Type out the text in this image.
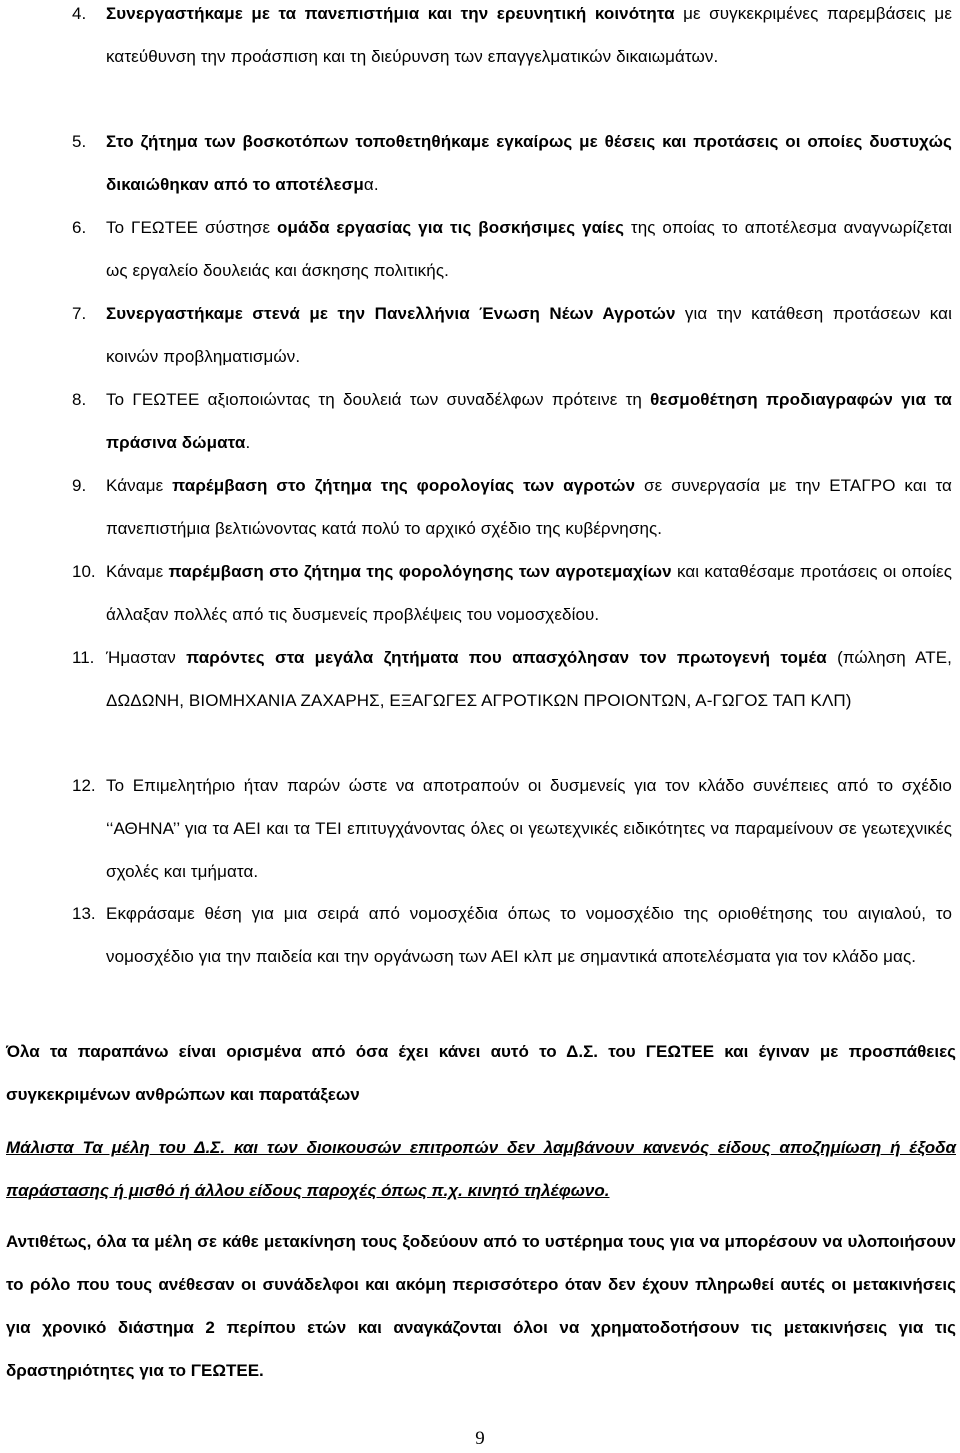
4.	Συνεργαστήκαμε με τα πανεπιστήμια και την ερευνητική κοινότητα με συγκεκριμένες παρεμβάσεις με κατεύθυνση την προάσπιση και τη διεύρυνση των επαγγελματικών δικαιωμάτων.
5.	Στο ζήτημα των βοσκοτόπων τοποθετηθήκαμε εγκαίρως με θέσεις και προτάσεις οι οποίες δυστυχώς δικαιώθηκαν από το αποτέλεσμα.
6.	Το ΓΕΩΤΕΕ σύστησε ομάδα εργασίας για τις βοσκήσιμες γαίες της οποίας το αποτέλεσμα αναγνωρίζεται ως εργαλείο δουλειάς και άσκησης πολιτικής.
7.	Συνεργαστήκαμε στενά με την Πανελλήνια Ένωση Νέων Αγροτών για την κατάθεση προτάσεων και κοινών προβληματισμών.
8.	Το ΓΕΩΤΕΕ αξιοποιώντας τη δουλειά των συναδέλφων πρότεινε τη θεσμοθέτηση προδιαγραφών για τα πράσινα δώματα.
9.	Κάναμε παρέμβαση στο ζήτημα της φορολογίας των αγροτών σε συνεργασία με την ΕΤΑΓΡΟ και τα πανεπιστήμια βελτιώνοντας κατά πολύ το αρχικό σχέδιο της κυβέρνησης.
10. Κάναμε παρέμβαση στο ζήτημα της φορολόγησης των αγροτεμαχίων και καταθέσαμε προτάσεις οι οποίες άλλαξαν πολλές από τις δυσμενείς προβλέψεις του νομοσχεδίου.
11. Ήμασταν παρόντες στα μεγάλα ζητήματα που απασχόλησαν τον πρωτογενή τομέα (πώληση ΑΤΕ, ΔΩΔΩΝΗ, ΒΙΟΜΗΧΑΝΙΑ ΖΑΧΑΡΗΣ, ΕΞΑΓΩΓΕΣ ΑΓΡΟΤΙΚΩΝ ΠΡΟΙΟΝΤΩΝ, Α-ΓΩΓΟΣ ΤΑΠ ΚΛΠ)
12. Το Επιμελητήριο ήταν παρών ώστε να αποτραπούν οι δυσμενείς για τον κλάδο συνέπειες από το σχέδιο ‘‘ΑΘΗΝΑ’’ για τα ΑΕΙ και τα ΤΕΙ επιτυγχάνοντας όλες οι γεωτεχνικές ειδικότητες να παραμείνουν σε γεωτεχνικές σχολές και τμήματα.
13. Εκφράσαμε θέση για μια σειρά από νομοσχέδια όπως το νομοσχέδιο της οριοθέτησης του αιγιαλού, το νομοσχέδιο για την παιδεία και την οργάνωση των ΑΕΙ κλπ με σημαντικά αποτελέσματα για τον κλάδο μας.
Όλα τα παραπάνω είναι ορισμένα από όσα έχει κάνει αυτό το Δ.Σ. του ΓΕΩΤΕΕ και έγιναν με προσπάθειες συγκεκριμένων ανθρώπων και παρατάξεων
Μάλιστα Τα μέλη του Δ.Σ. και των διοικουσών επιτροπών δεν λαμβάνουν κανενός είδους αποζημίωση ή έξοδα παράστασης ή μισθό ή άλλου είδους παροχές όπως π.χ. κινητό τηλέφωνο.
Αντιθέτως, όλα τα μέλη σε κάθε μετακίνηση τους ξοδεύουν από το υστέρημα τους για να μπορέσουν να υλοποιήσουν το ρόλο που τους ανέθεσαν οι συνάδελφοι και ακόμη περισσότερο όταν δεν έχουν πληρωθεί αυτές οι μετακινήσεις για χρονικό διάστημα 2 περίπου ετών και αναγκάζονται όλοι να χρηματοδοτήσουν τις μετακινήσεις για τις δραστηριότητες για το ΓΕΩΤΕΕ.
9
